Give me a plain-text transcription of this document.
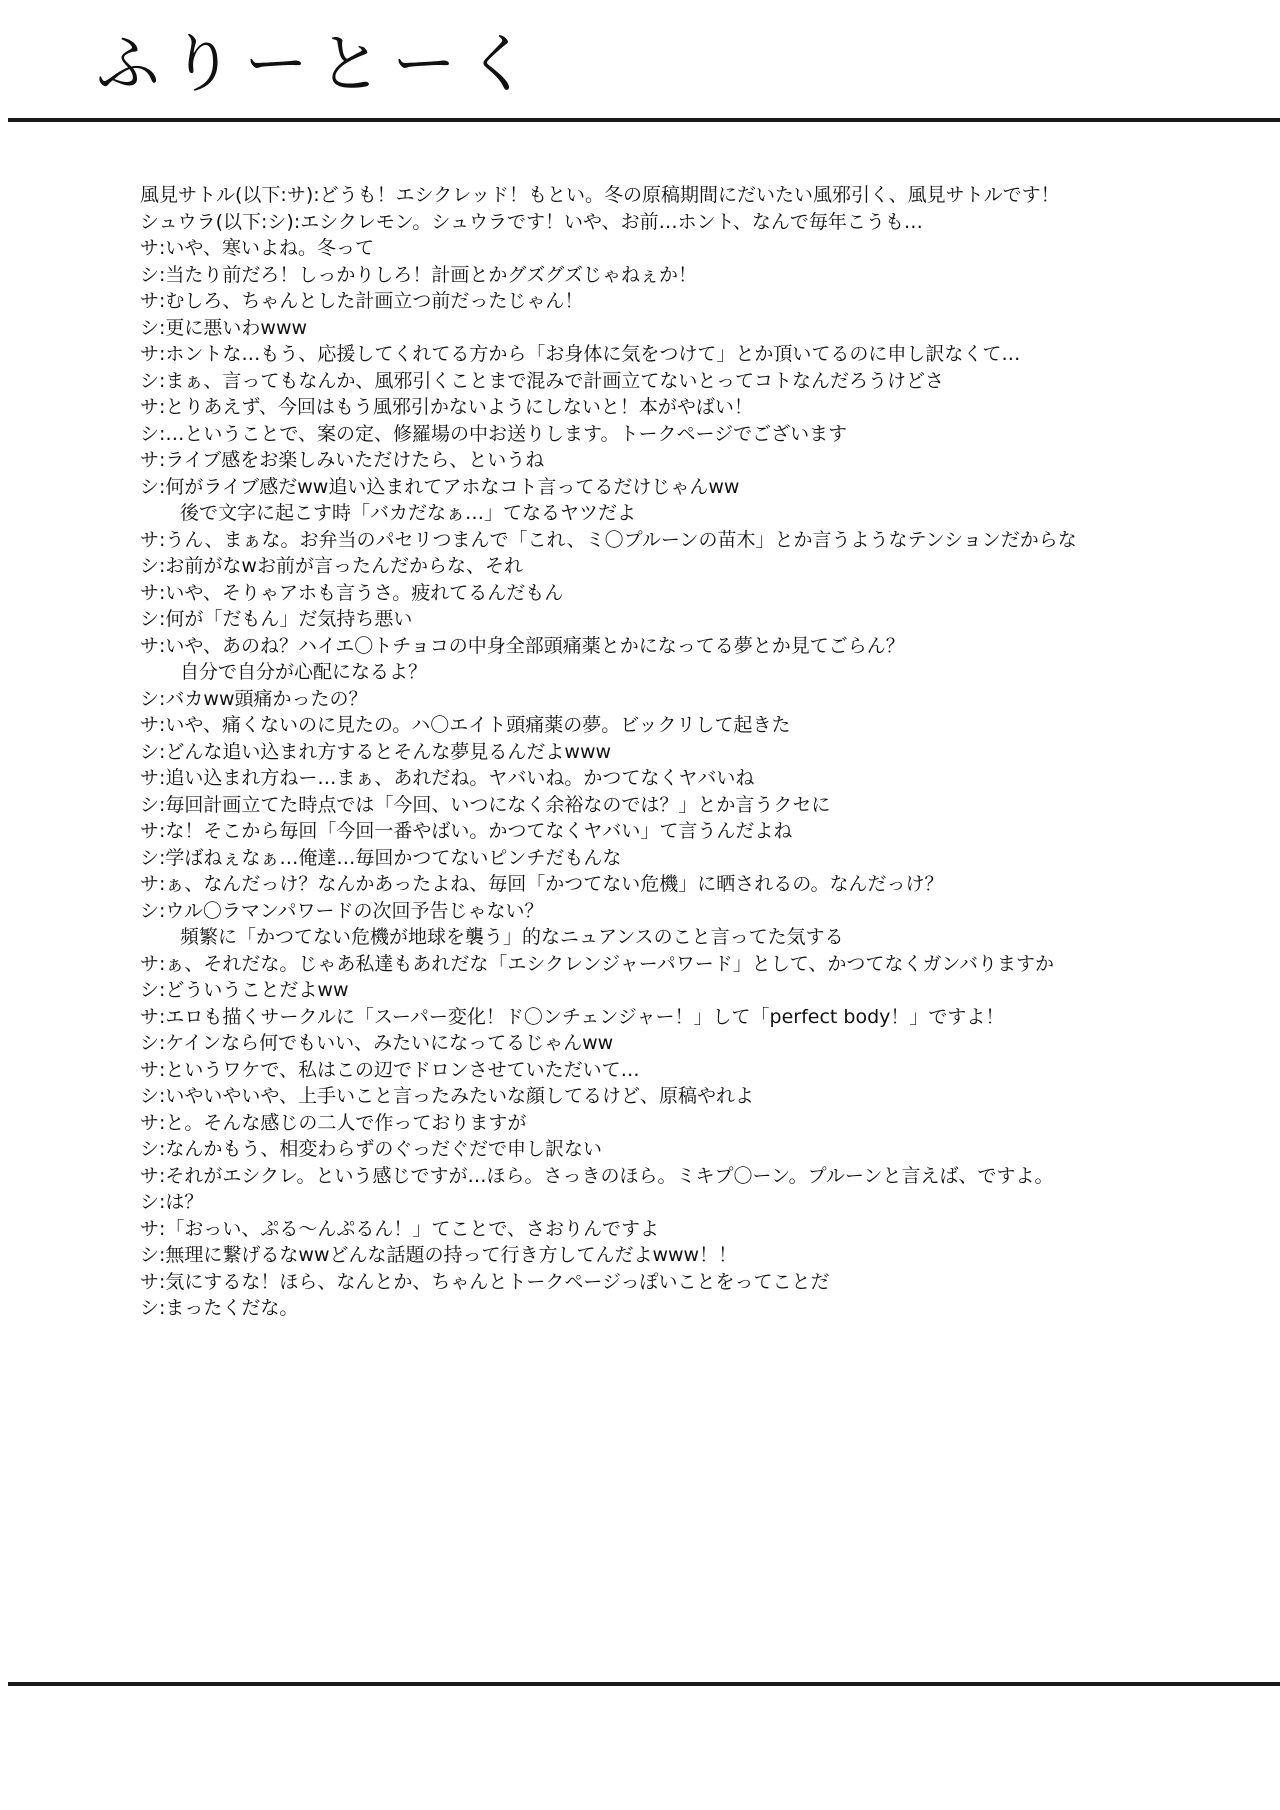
ふりーとーく
風見サトル(以下:サ):どうも！エシクレッド！もとい。冬の原稿期間にだいたい風邪引く、風見サトルです！
シュウラ(以下:シ):エシクレモン。シュウラです！いや、お前…ホント、なんで毎年こうも…
サ:いや、寒いよね。冬って
シ:当たり前だろ！しっかりしろ！計画とかグズグズじゃねぇか！
サ:むしろ、ちゃんとした計画立つ前だったじゃん！
シ:更に悪いわwww
サ:ホントな…もう、応援してくれてる方から「お身体に気をつけて」とか頂いてるのに申し訳なくて…
シ:まぁ、言ってもなんか、風邪引くことまで混みで計画立てないとってコトなんだろうけどさ
サ:とりあえず、今回はもう風邪引かないようにしないと！本がやばい！
シ:…ということで、案の定、修羅場の中お送りします。トークページでございます
サ:ライブ感をお楽しみいただけたら、というね
シ:何がライブ感だww追い込まれてアホなコト言ってるだけじゃんww
後で文字に起こす時「バカだなぁ…」てなるヤツだよ
サ:うん、まぁな。お弁当のパセリつまんで「これ、ミ〇プルーンの苗木」とか言うようなテンションだからな
シ:お前がなwお前が言ったんだからな、それ
サ:いや、そりゃアホも言うさ。疲れてるんだもん
シ:何が「だもん」だ気持ち悪い
サ:いや、あのね？ハイエ〇トチョコの中身全部頭痛薬とかになってる夢とか見てごらん？
自分で自分が心配になるよ？
シ:バカww頭痛かったの？
サ:いや、痛くないのに見たの。ハ〇エイト頭痛薬の夢。ビックリして起きた
シ:どんな追い込まれ方するとそんな夢見るんだよwww
サ:追い込まれ方ねー…まぁ、あれだね。ヤバいね。かつてなくヤバいね
シ:毎回計画立てた時点では「今回、いつになく余裕なのでは？」とか言うクセに
サ:な！そこから毎回「今回一番やばい。かつてなくヤバい」て言うんだよね
シ:学ばねぇなぁ…俺達…毎回かつてないピンチだもんな
サ:ぁ、なんだっけ？なんかあったよね、毎回「かつてない危機」に晒されるの。なんだっけ？
シ:ウル〇ラマンパワードの次回予告じゃない？
頻繁に「かつてない危機が地球を襲う」的なニュアンスのこと言ってた気する
サ:ぁ、それだな。じゃあ私達もあれだな「エシクレンジャーパワード」として、かつてなくガンバりますか
シ:どういうことだよww
サ:エロも描くサークルに「スーパー変化！ド〇ンチェンジャー！」して「perfect body！」ですよ！
シ:ケインなら何でもいい、みたいになってるじゃんww
サ:というワケで、私はこの辺でドロンさせていただいて…
シ:いやいやいや、上手いこと言ったみたいな顔してるけど、原稿やれよ
サ:と。そんな感じの二人で作っておりますが
シ:なんかもう、相変わらずのぐっだぐだで申し訳ない
サ:それがエシクレ。という感じですが…ほら。さっきのほら。ミキプ〇ーン。プルーンと言えば、ですよ。
シ:は？
サ:「おっい、ぷる～んぷるん！」てことで、さおりんですよ
シ:無理に繋げるなwwどんな話題の持って行き方してんだよwww！！
サ:気にするな！ほら、なんとか、ちゃんとトークページっぽいことをってことだ
シ:まったくだな。
